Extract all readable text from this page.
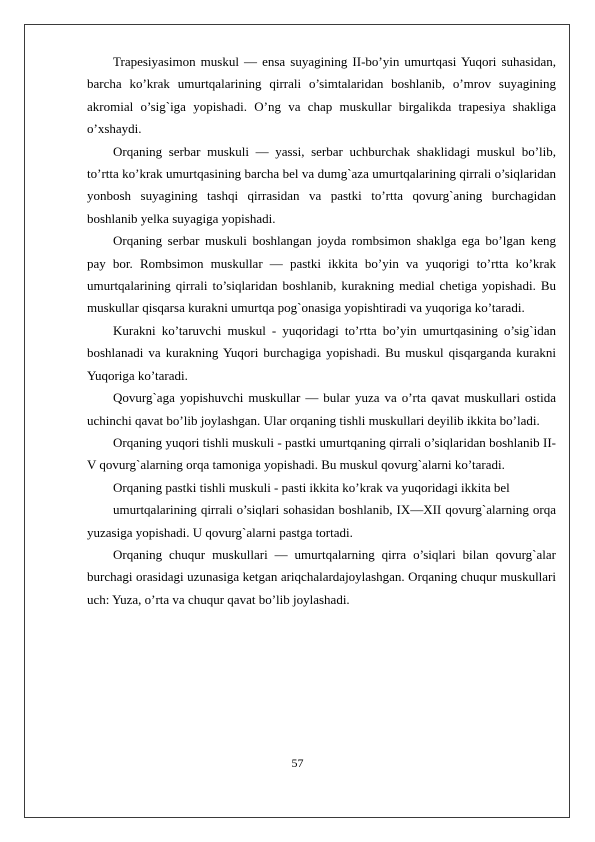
Trapesiyasimon muskul — ensa suyagining II-bo’yin umurtqasi Yuqori suhasidan, barcha ko’krak umurtqalarining qirrali o’simtalaridan boshlanib, o’mrov suyagining akromial o’sig`iga yopishadi. O’ng va chap muskullar birgalikda trapesiya shakliga o’xshaydi.

Orqaning serbar muskuli — yassi, serbar uchburchak shaklidagi muskul bo’lib, to’rtta ko’krak umurtqasining barcha bel va dumg`aza umurtqalarining qirrali o’siqlaridan yonbosh suyagining tashqi qirrasidan va pastki to’rtta qovurg`aning burchagidan boshlanib yelka suyagiga yopishadi.

Orqaning serbar muskuli boshlangan joyda rombsimon shaklga ega bo’lgan keng pay bor. Rombsimon muskullar — pastki ikkita bo’yin va yuqorigi to’rtta ko’krak umurtqalarining qirrali to’siqlaridan boshlanib, kurakning medial chetiga yopishadi. Bu muskullar qisqarsa kurakni umurtqa pog`onasiga yopishtiradi va yuqoriga ko’taradi.

Kurakni ko’taruvchi muskul - yuqoridagi to’rtta bo’yin umurtqasining o’sig`idan boshlanadi va kurakning Yuqori burchagiga yopishadi. Bu muskul qisqarganda kurakni Yuqoriga ko’taradi.

Qovurg`aga yopishuvchi muskullar — bular yuza va o’rta qavat muskullari ostida uchinchi qavat bo’lib joylashgan. Ular orqaning tishli muskullari deyilib ikkita bo’ladi.

Orqaning yuqori tishli muskuli - pastki umurtqaning qirrali o’siqlaridan boshlanib II-V qovurg`alarning orqa tamoniga yopishadi. Bu muskul qovurg`alarni ko’taradi.

Orqaning pastki tishli muskuli - pasti ikkita ko’krak va yuqoridagi ikkita bel

umurtqalarining qirrali o’siqlari sohasidan boshlanib, IX—XII qovurg`alarning orqa yuzasiga yopishadi. U qovurg`alarni pastga tortadi.

Orqaning chuqur muskullari — umurtqalarning qirra o’siqlari bilan qovurg`alar burchagi orasidagi uzunasiga ketgan ariqchalardajoylashgan. Orqaning chuqur muskullari uch: Yuza, o’rta va chuqur qavat bo’lib joylashadi.

57
